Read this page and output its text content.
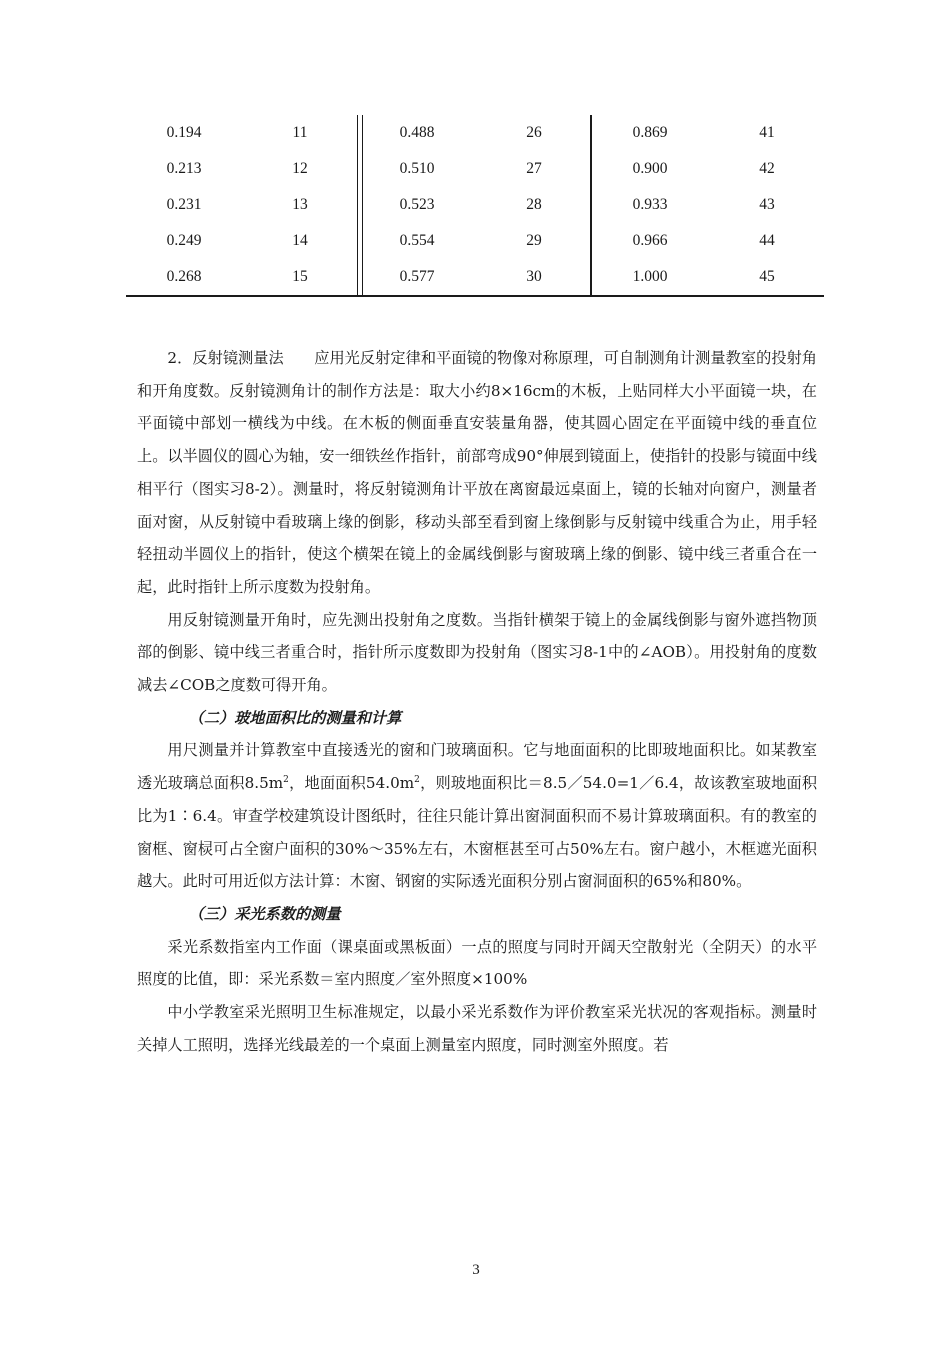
0.194	11	0.488	26	0.869	41
0.213	12	0.510	27	0.900	42
0.231	13	0.523	28	0.933	43
0.249	14	0.554	29	0.966	44
0.268	15	0.577	30	1.000	45

2．反射镜测量法 应用光反射定律和平面镜的物像对称原理，可自制测角计测量教室的投射角和开角度数。反射镜测角计的制作方法是：取大小约8×16cm的木板，上贴同样大小平面镜一块，在平面镜中部划一横线为中线。在木板的侧面垂直安装量角器，使其圆心固定在平面镜中线的垂直位上。以半圆仪的圆心为轴，安一细铁丝作指针，前部弯成90°伸展到镜面上，使指针的投影与镜面中线相平行（图实习8-2）。测量时，将反射镜测角计平放在离窗最远桌面上，镜的长轴对向窗户，测量者面对窗，从反射镜中看玻璃上缘的倒影，移动头部至看到窗上缘倒影与反射镜中线重合为止，用手轻轻扭动半圆仪上的指针，使这个横架在镜上的金属线倒影与窗玻璃上缘的倒影、镜中线三者重合在一起，此时指针上所示度数为投射角。

用反射镜测量开角时，应先测出投射角之度数。当指针横架于镜上的金属线倒影与窗外遮挡物顶部的倒影、镜中线三者重合时，指针所示度数即为投射角（图实习8-1中的∠AOB）。用投射角的度数减去∠COB之度数可得开角。

（二）玻地面积比的测量和计算

用尺测量并计算教室中直接透光的窗和门玻璃面积。它与地面面积的比即玻地面积比。如某教室透光玻璃总面积$8.5m^2$，地面面积$54.0m^2$，则玻地面积比＝8.5／54.0=1／6.4，故该教室玻地面积比为1∶6.4。审查学校建筑设计图纸时，往往只能计算出窗洞面积而不易计算玻璃面积。有的教室的窗框、窗棂可占全窗户面积的30%～35%左右，木窗框甚至可占50%左右。窗户越小，木框遮光面积越大。此时可用近似方法计算：木窗、钢窗的实际透光面积分别占窗洞面积的65%和80%。

（三）采光系数的测量

采光系数指室内工作面（课桌面或黑板面）一点的照度与同时开阔天空散射光（全阴天）的水平照度的比值，即：采光系数＝室内照度／室外照度×100%

中小学教室采光照明卫生标准规定，以最小采光系数作为评价教室采光状况的客观指标。测量时关掉人工照明，选择光线最差的一个桌面上测量室内照度，同时测室外照度。若

3
